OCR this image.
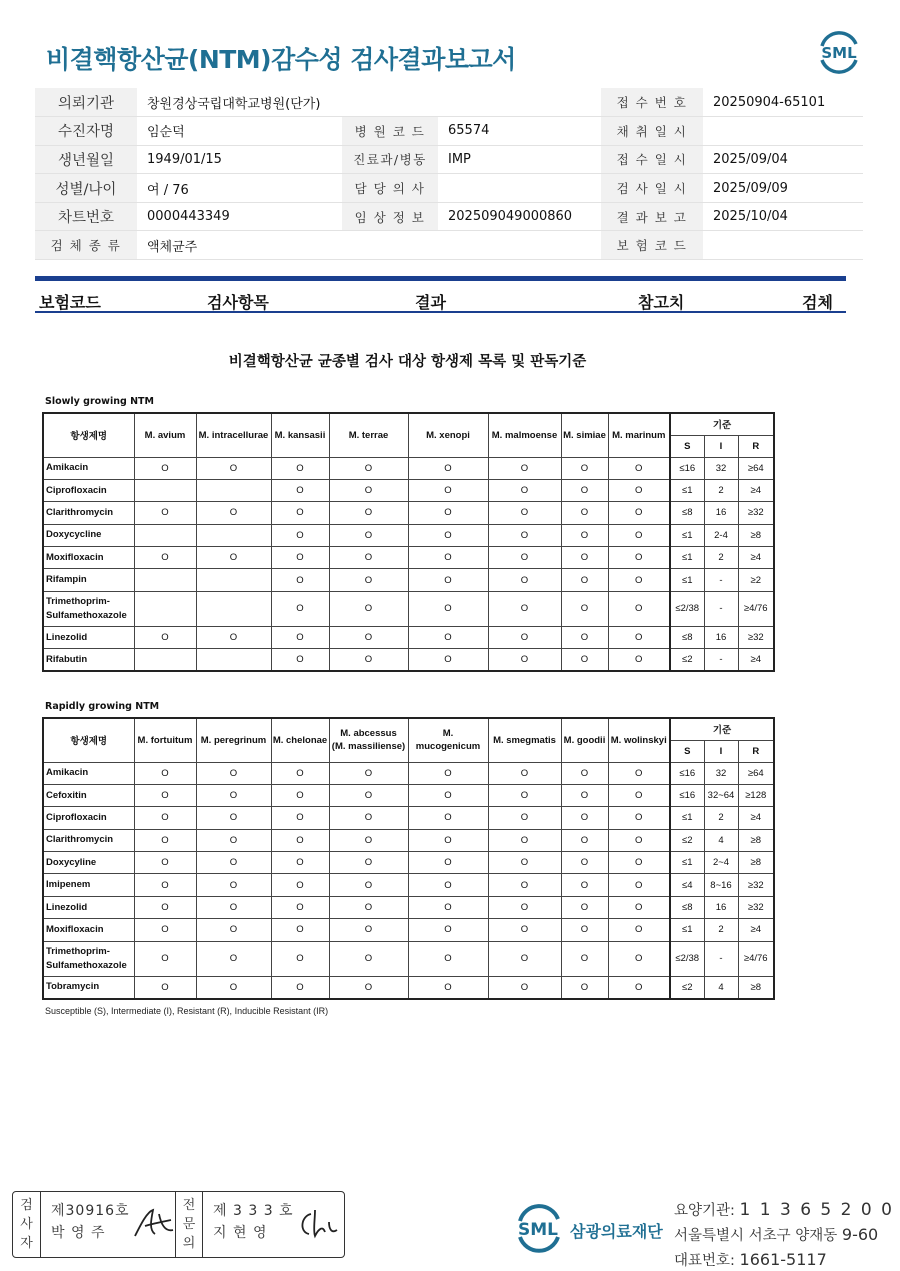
비결핵항산균(NTM)감수성 검사결과보고서	SML
의뢰기관	창원경상국립대학교병원(단가)			접 수 번 호	20250904-65101
수진자명	임순덕	병 원 코 드	65574	채 취 일 시	
생년월일	1949/01/15	진료과/병동	IMP	접 수 일 시	2025/09/04
성별/나이	여 / 76	담 당 의 사		검 사 일 시	2025/09/09
차트번호	0000443349	임 상 정 보	202509049000860	결 과 보 고	2025/10/04
검 체 종 류	액체균주			보 험 코 드	
보험코드	검사항목	결과	참고치	검체
비결핵항산균 균종별 검사 대상 항생제 목록 및 판독기준
Slowly growing NTM
항생제명	M. avium	M. intracellurae	M. kansasii	M. terrae	M. xenopi	M. malmoense	M. simiae	M. marinum	기준		
									S	I	R
Amikacin	O	O	O	O	O	O	O	O	≤16	32	≥64
Ciprofloxacin			O	O	O	O	O	O	≤1	2	≥4
Clarithromycin	O	O	O	O	O	O	O	O	≤8	16	≥32
Doxycycline			O	O	O	O	O	O	≤1	2-4	≥8
Moxifloxacin	O	O	O	O	O	O	O	O	≤1	2	≥4
Rifampin			O	O	O	O	O	O	≤1	-	≥2
Trimethoprim-
Sulfamethoxazole			O	O	O	O	O	O	≤2/38	-	≥4/76
Linezolid	O	O	O	O	O	O	O	O	≤8	16	≥32
Rifabutin			O	O	O	O	O	O	≤2	-	≥4
Rapidly growing NTM
항생제명	M. fortuitum	M. peregrinum	M. chelonae	M. abcessus
(M. massiliense)	M. mucogenicum	M. smegmatis	M. goodii	M. wolinskyi	기준		
									S	I	R
Amikacin	O	O	O	O	O	O	O	O	≤16	32	≥64
Cefoxitin	O	O	O	O	O	O	O	O	≤16	32~64	≥128
Ciprofloxacin	O	O	O	O	O	O	O	O	≤1	2	≥4
Clarithromycin	O	O	O	O	O	O	O	O	≤2	4	≥8
Doxycyline	O	O	O	O	O	O	O	O	≤1	2~4	≥8
Imipenem	O	O	O	O	O	O	O	O	≤4	8~16	≥32
Linezolid	O	O	O	O	O	O	O	O	≤8	16	≥32
Moxifloxacin	O	O	O	O	O	O	O	O	≤1	2	≥4
Trimethoprim-
Sulfamethoxazole	O	O	O	O	O	O	O	O	≤2/38	-	≥4/76
Tobramycin	O	O	O	O	O	O	O	O	≤2	4	≥8
Susceptible (S), Intermediate (I), Resistant (R), Inducible Resistant (IR)
검
사
자
제30916호
박 영 주
전
문
의
제 3 3 3 호
지 현 영	SML 삼광의료재단
요양기관: 1 1 3 6 5 2 0 0
서울특별시 서초구 양재동 9-60
대표번호: 1661-5117
